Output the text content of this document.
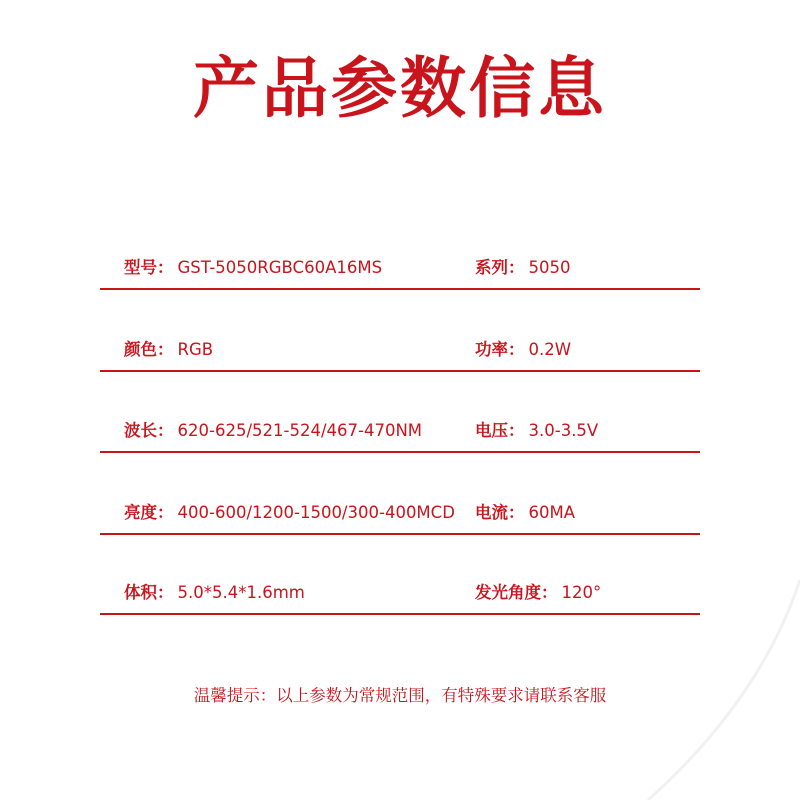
产品参数信息
型号： GST-5050RGBC60A16MS	系列： 5050
颜色： RGB	功率： 0.2W
波长： 620-625/521-524/467-470NM	电压： 3.0-3.5V
亮度： 400-600/1200-1500/300-400MCD 电流： 60MA
体积： 5.0*5.4*1.6mm	发光角度： 120°
温馨提示：以上参数为常规范围，有特殊要求请联系客服
